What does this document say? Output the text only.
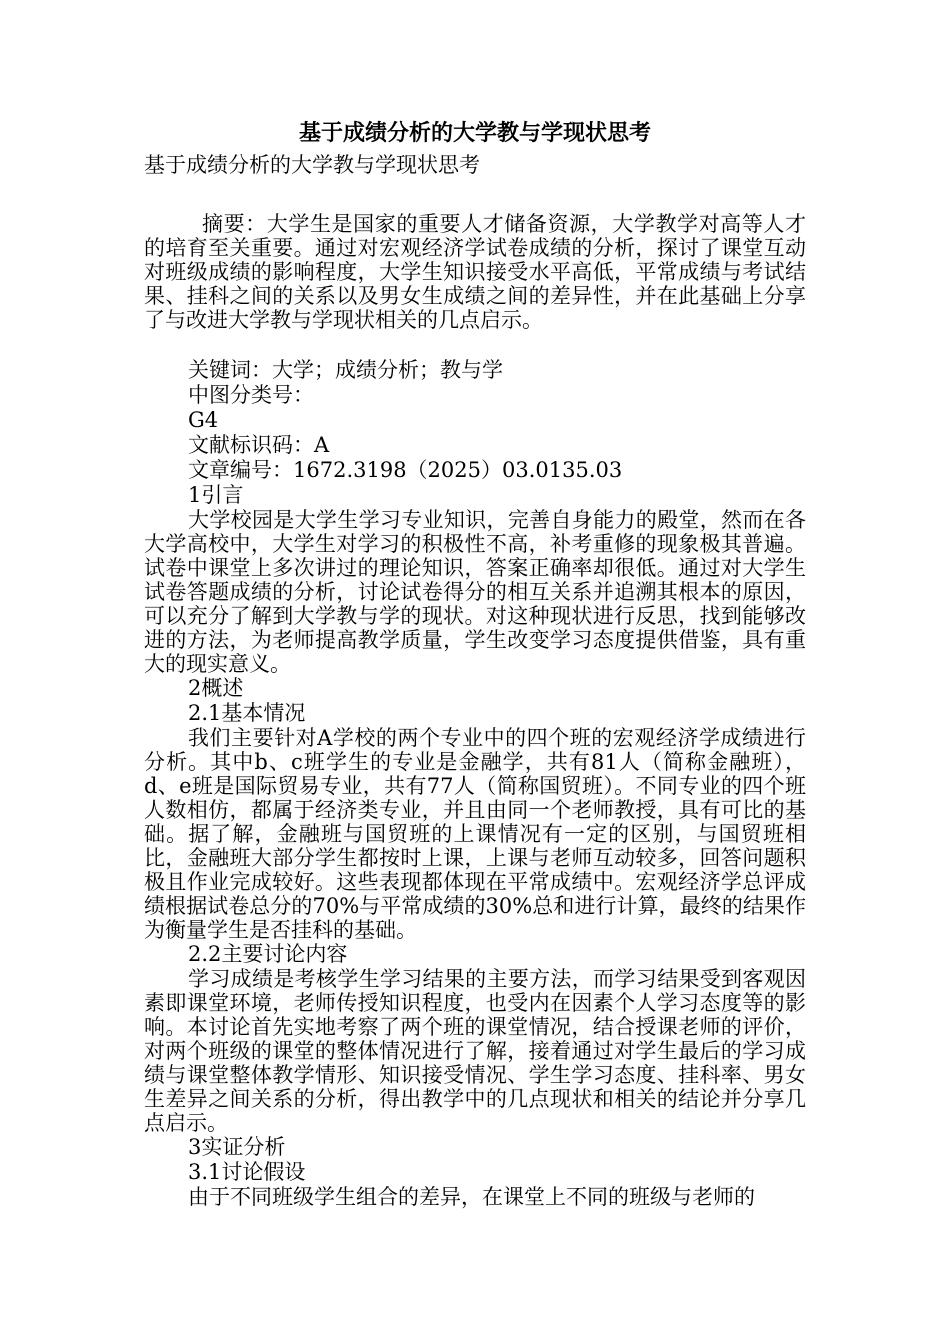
基于成绩分析的大学教与学现状思考

基于成绩分析的大学教与学现状思考

摘要：大学生是国家的重要人才储备资源，大学教学对高等人才的培育至关重要。通过对宏观经济学试卷成绩的分析，探讨了课堂互动对班级成绩的影响程度，大学生知识接受水平高低，平常成绩与考试结果、挂科之间的关系以及男女生成绩之间的差异性，并在此基础上分享了与改进大学教与学现状相关的几点启示。

关键词：大学；成绩分析；教与学

中图分类号：

G4

文献标识码：A

文章编号：1672.3198（2025）03.0135.03

1引言

大学校园是大学生学习专业知识，完善自身能力的殿堂，然而在各大学高校中，大学生对学习的积极性不高，补考重修的现象极其普遍。试卷中课堂上多次讲过的理论知识，答案正确率却很低。通过对大学生试卷答题成绩的分析，讨论试卷得分的相互关系并追溯其根本的原因，可以充分了解到大学教与学的现状。对这种现状进行反思，找到能够改进的方法，为老师提高教学质量，学生改变学习态度提供借鉴，具有重大的现实意义。

2概述

2.1基本情况

我们主要针对A学校的两个专业中的四个班的宏观经济学成绩进行分析。其中b、c班学生的专业是金融学，共有81人（简称金融班），d、e班是国际贸易专业，共有77人（简称国贸班）。不同专业的四个班人数相仿，都属于经济类专业，并且由同一个老师教授，具有可比的基础。据了解，金融班与国贸班的上课情况有一定的区别，与国贸班相比，金融班大部分学生都按时上课，上课与老师互动较多，回答问题积极且作业完成较好。这些表现都体现在平常成绩中。宏观经济学总评成绩根据试卷总分的70%与平常成绩的30%总和进行计算，最终的结果作为衡量学生是否挂科的基础。

2.2主要讨论内容

学习成绩是考核学生学习结果的主要方法，而学习结果受到客观因素即课堂环境，老师传授知识程度，也受内在因素个人学习态度等的影响。本讨论首先实地考察了两个班的课堂情况，结合授课老师的评价，对两个班级的课堂的整体情况进行了解，接着通过对学生最后的学习成绩与课堂整体教学情形、知识接受情况、学生学习态度、挂科率、男女生差异之间关系的分析，得出教学中的几点现状和相关的结论并分享几点启示。

3实证分析

3.1讨论假设

由于不同班级学生组合的差异，在课堂上不同的班级与老师的
